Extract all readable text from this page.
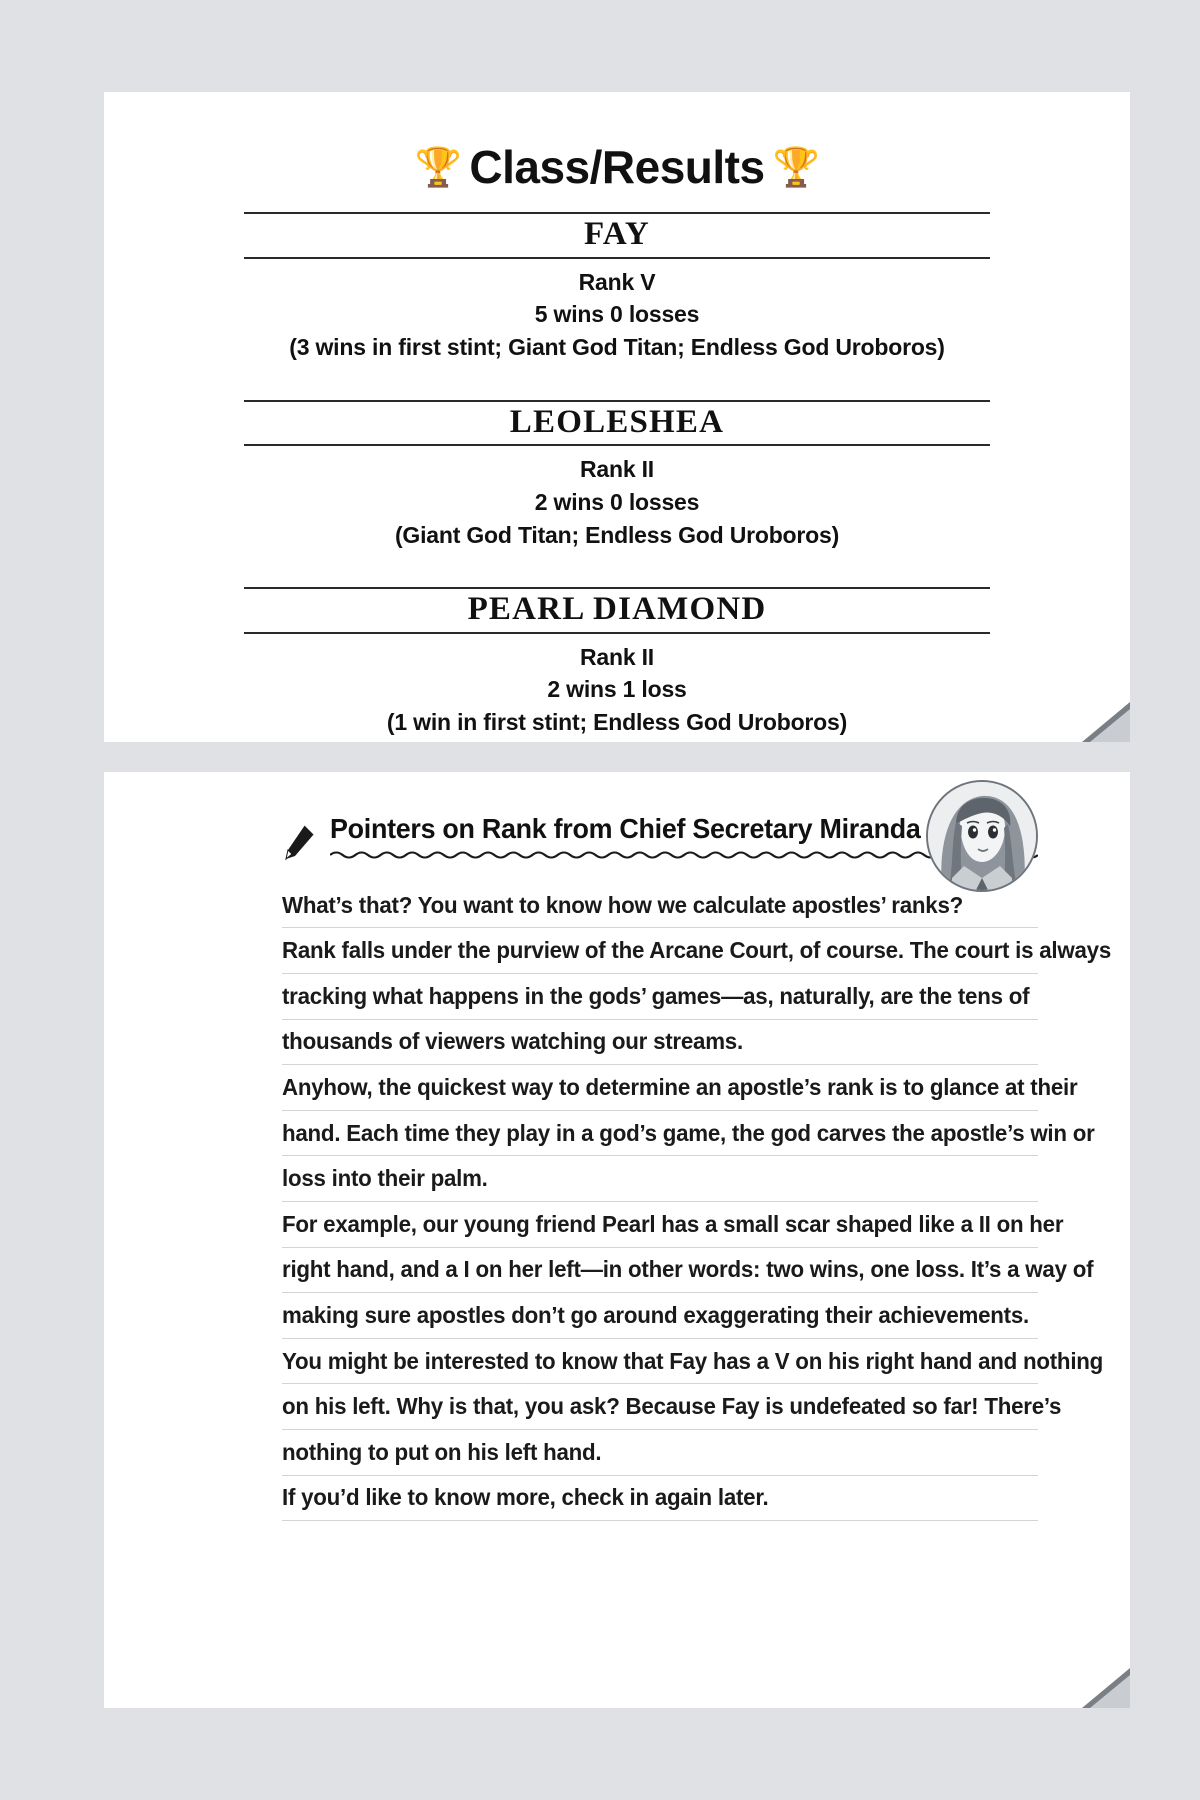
🏆 Class/Results 🏆
FAY
Rank V
5 wins 0 losses
(3 wins in first stint; Giant God Titan; Endless God Uroboros)
LEOLESHEA
Rank II
2 wins 0 losses
(Giant God Titan; Endless God Uroboros)
PEARL DIAMOND
Rank II
2 wins 1 loss
(1 win in first stint; Endless God Uroboros)
Pointers on Rank from Chief Secretary Miranda
What’s that? You want to know how we calculate apostles’ ranks?
Rank falls under the purview of the Arcane Court, of course. The court is always
tracking what happens in the gods’ games—as, naturally, are the tens of
thousands of viewers watching our streams.
Anyhow, the quickest way to determine an apostle’s rank is to glance at their
hand. Each time they play in a god’s game, the god carves the apostle’s win or
loss into their palm.
For example, our young friend Pearl has a small scar shaped like a II on her
right hand, and a I on her left—in other words: two wins, one loss. It’s a way of
making sure apostles don’t go around exaggerating their achievements.
You might be interested to know that Fay has a V on his right hand and nothing
on his left. Why is that, you ask? Because Fay is undefeated so far! There’s
nothing to put on his left hand.
If you’d like to know more, check in again later.
